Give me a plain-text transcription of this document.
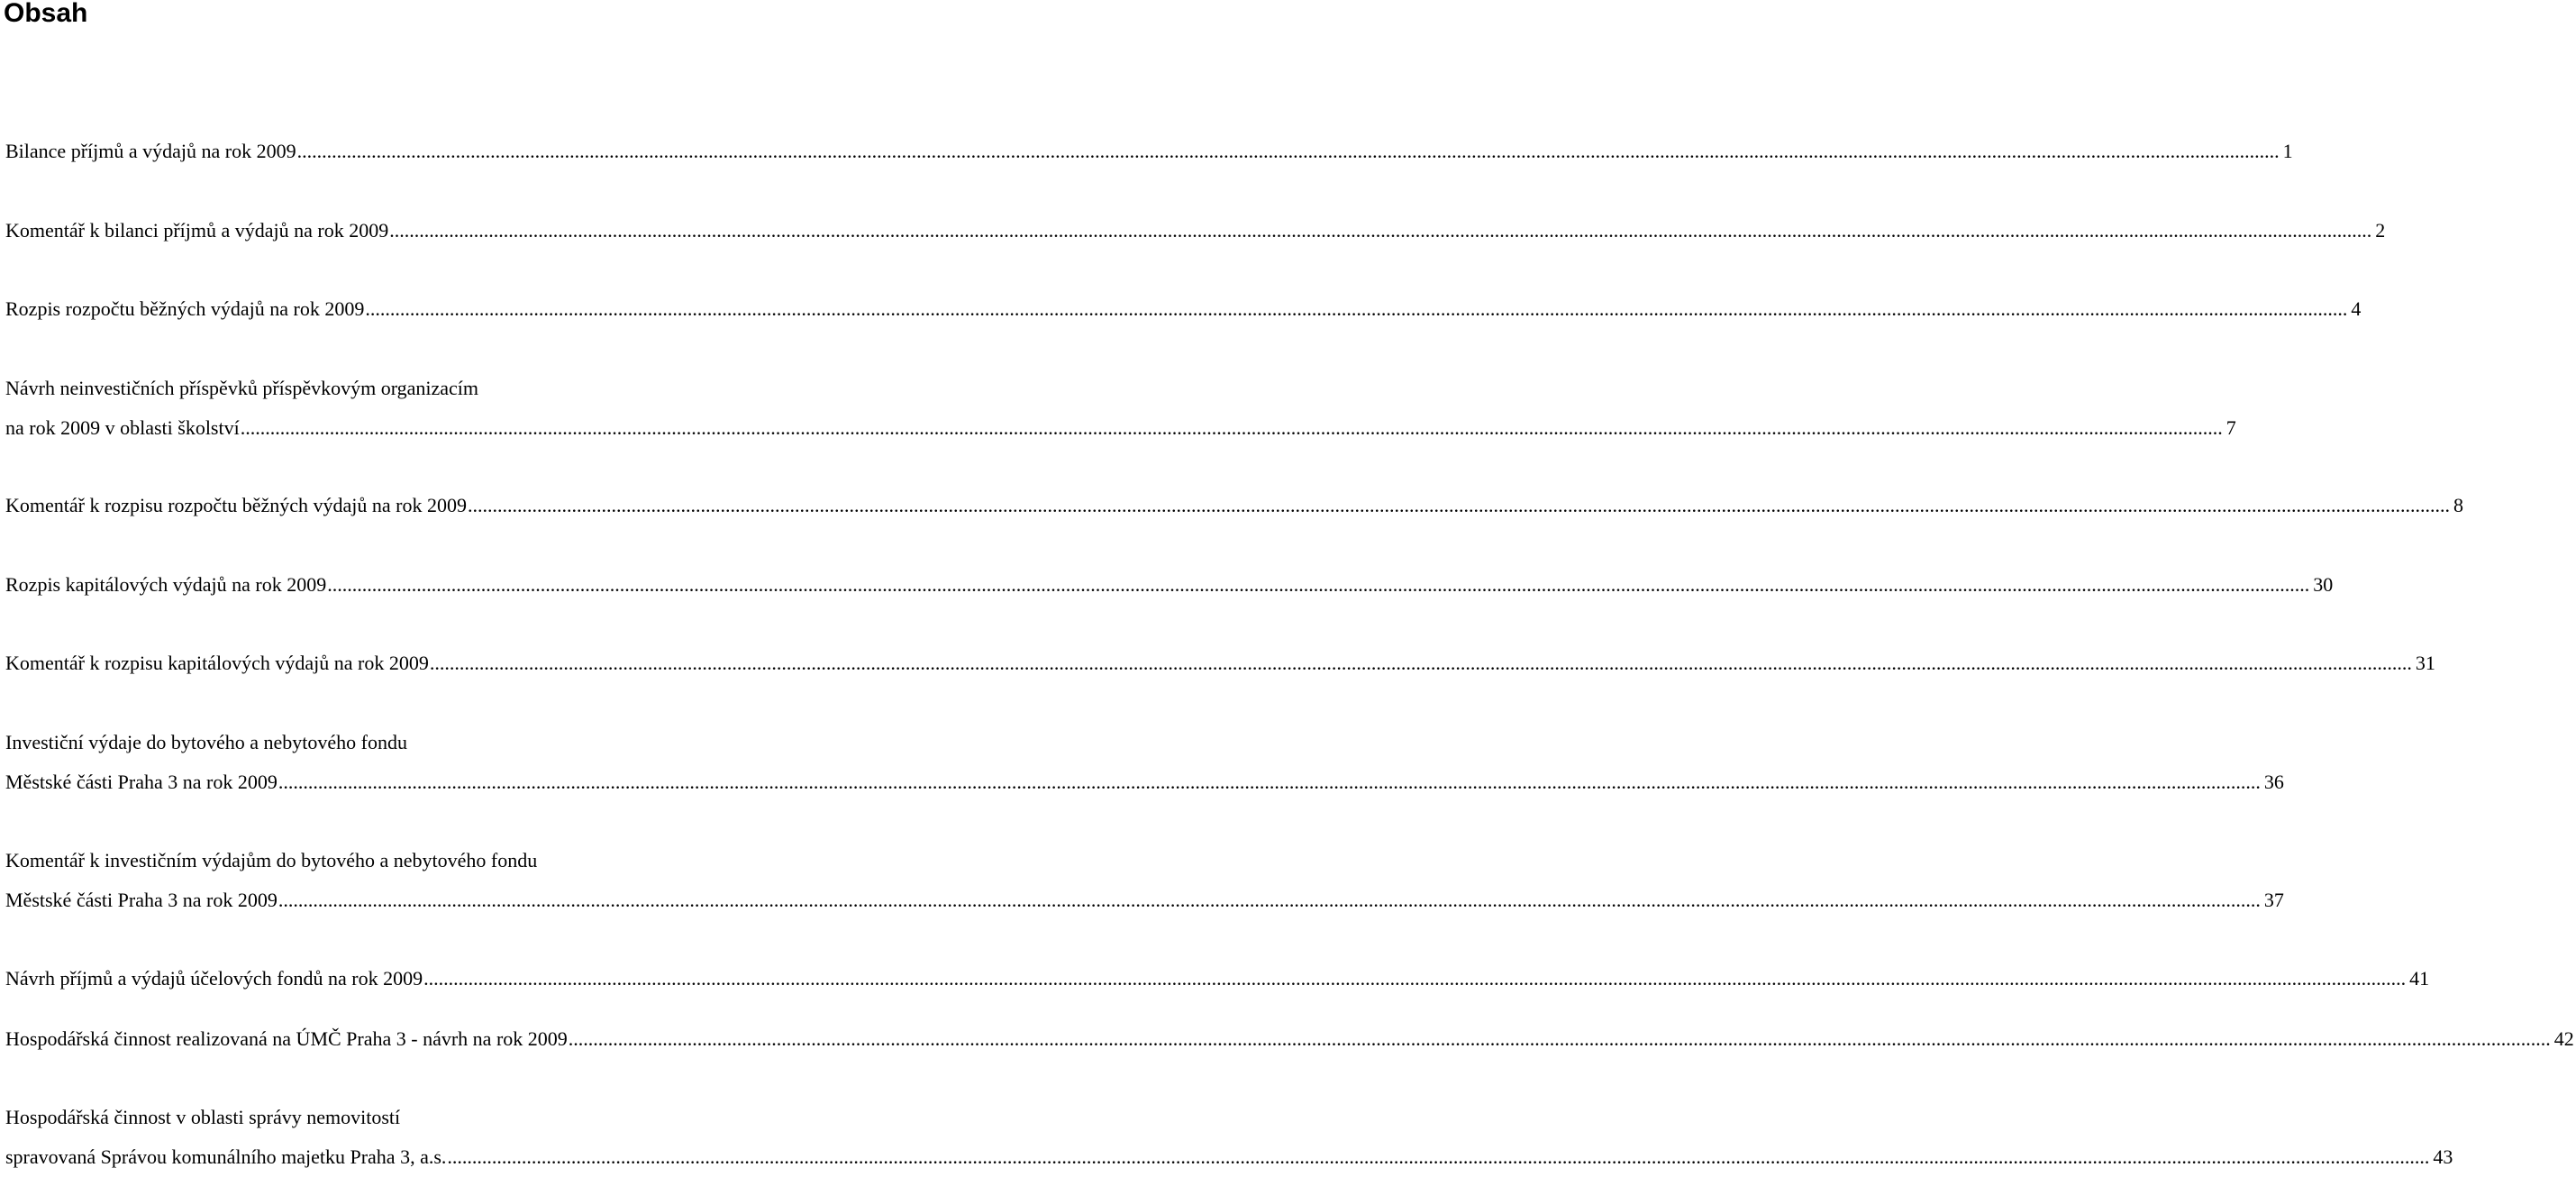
Obsah
Bilance příjmů a výdajů na rok 2009 ................................................................................................................................................................................................................................................................................................................................................................................................................ 1
Komentář k bilanci příjmů a výdajů na rok 2009 ................................................................................................................................................................................................................................................................................................................................................................................................................ 2
Rozpis rozpočtu běžných výdajů na rok 2009 ................................................................................................................................................................................................................................................................................................................................................................................................................ 4
Návrh neinvestičních příspěvků příspěvkovým organizacím
na rok 2009 v oblasti školství ................................................................................................................................................................................................................................................................................................................................................................................................................ 7
Komentář k rozpisu rozpočtu běžných výdajů na rok 2009 ................................................................................................................................................................................................................................................................................................................................................................................................................ 8
Rozpis kapitálových výdajů na rok 2009 ................................................................................................................................................................................................................................................................................................................................................................................................................ 30
Komentář k rozpisu kapitálových výdajů na rok 2009 ................................................................................................................................................................................................................................................................................................................................................................................................................ 31
Investiční výdaje do bytového a nebytového fondu
Městské části Praha 3 na rok 2009 ................................................................................................................................................................................................................................................................................................................................................................................................................ 36
Komentář k investičním výdajům do bytového a nebytového fondu
Městské části Praha 3 na rok 2009 ................................................................................................................................................................................................................................................................................................................................................................................................................ 37
Návrh příjmů a výdajů účelových fondů na rok 2009 ................................................................................................................................................................................................................................................................................................................................................................................................................ 41
Hospodářská činnost realizovaná na ÚMČ Praha 3 - návrh na rok 2009 ................................................................................................................................................................................................................................................................................................................................................................................................................ 42
Hospodářská činnost v oblasti správy nemovitostí
spravovaná Správou komunálního majetku Praha 3, a.s. ................................................................................................................................................................................................................................................................................................................................................................................................................ 43
